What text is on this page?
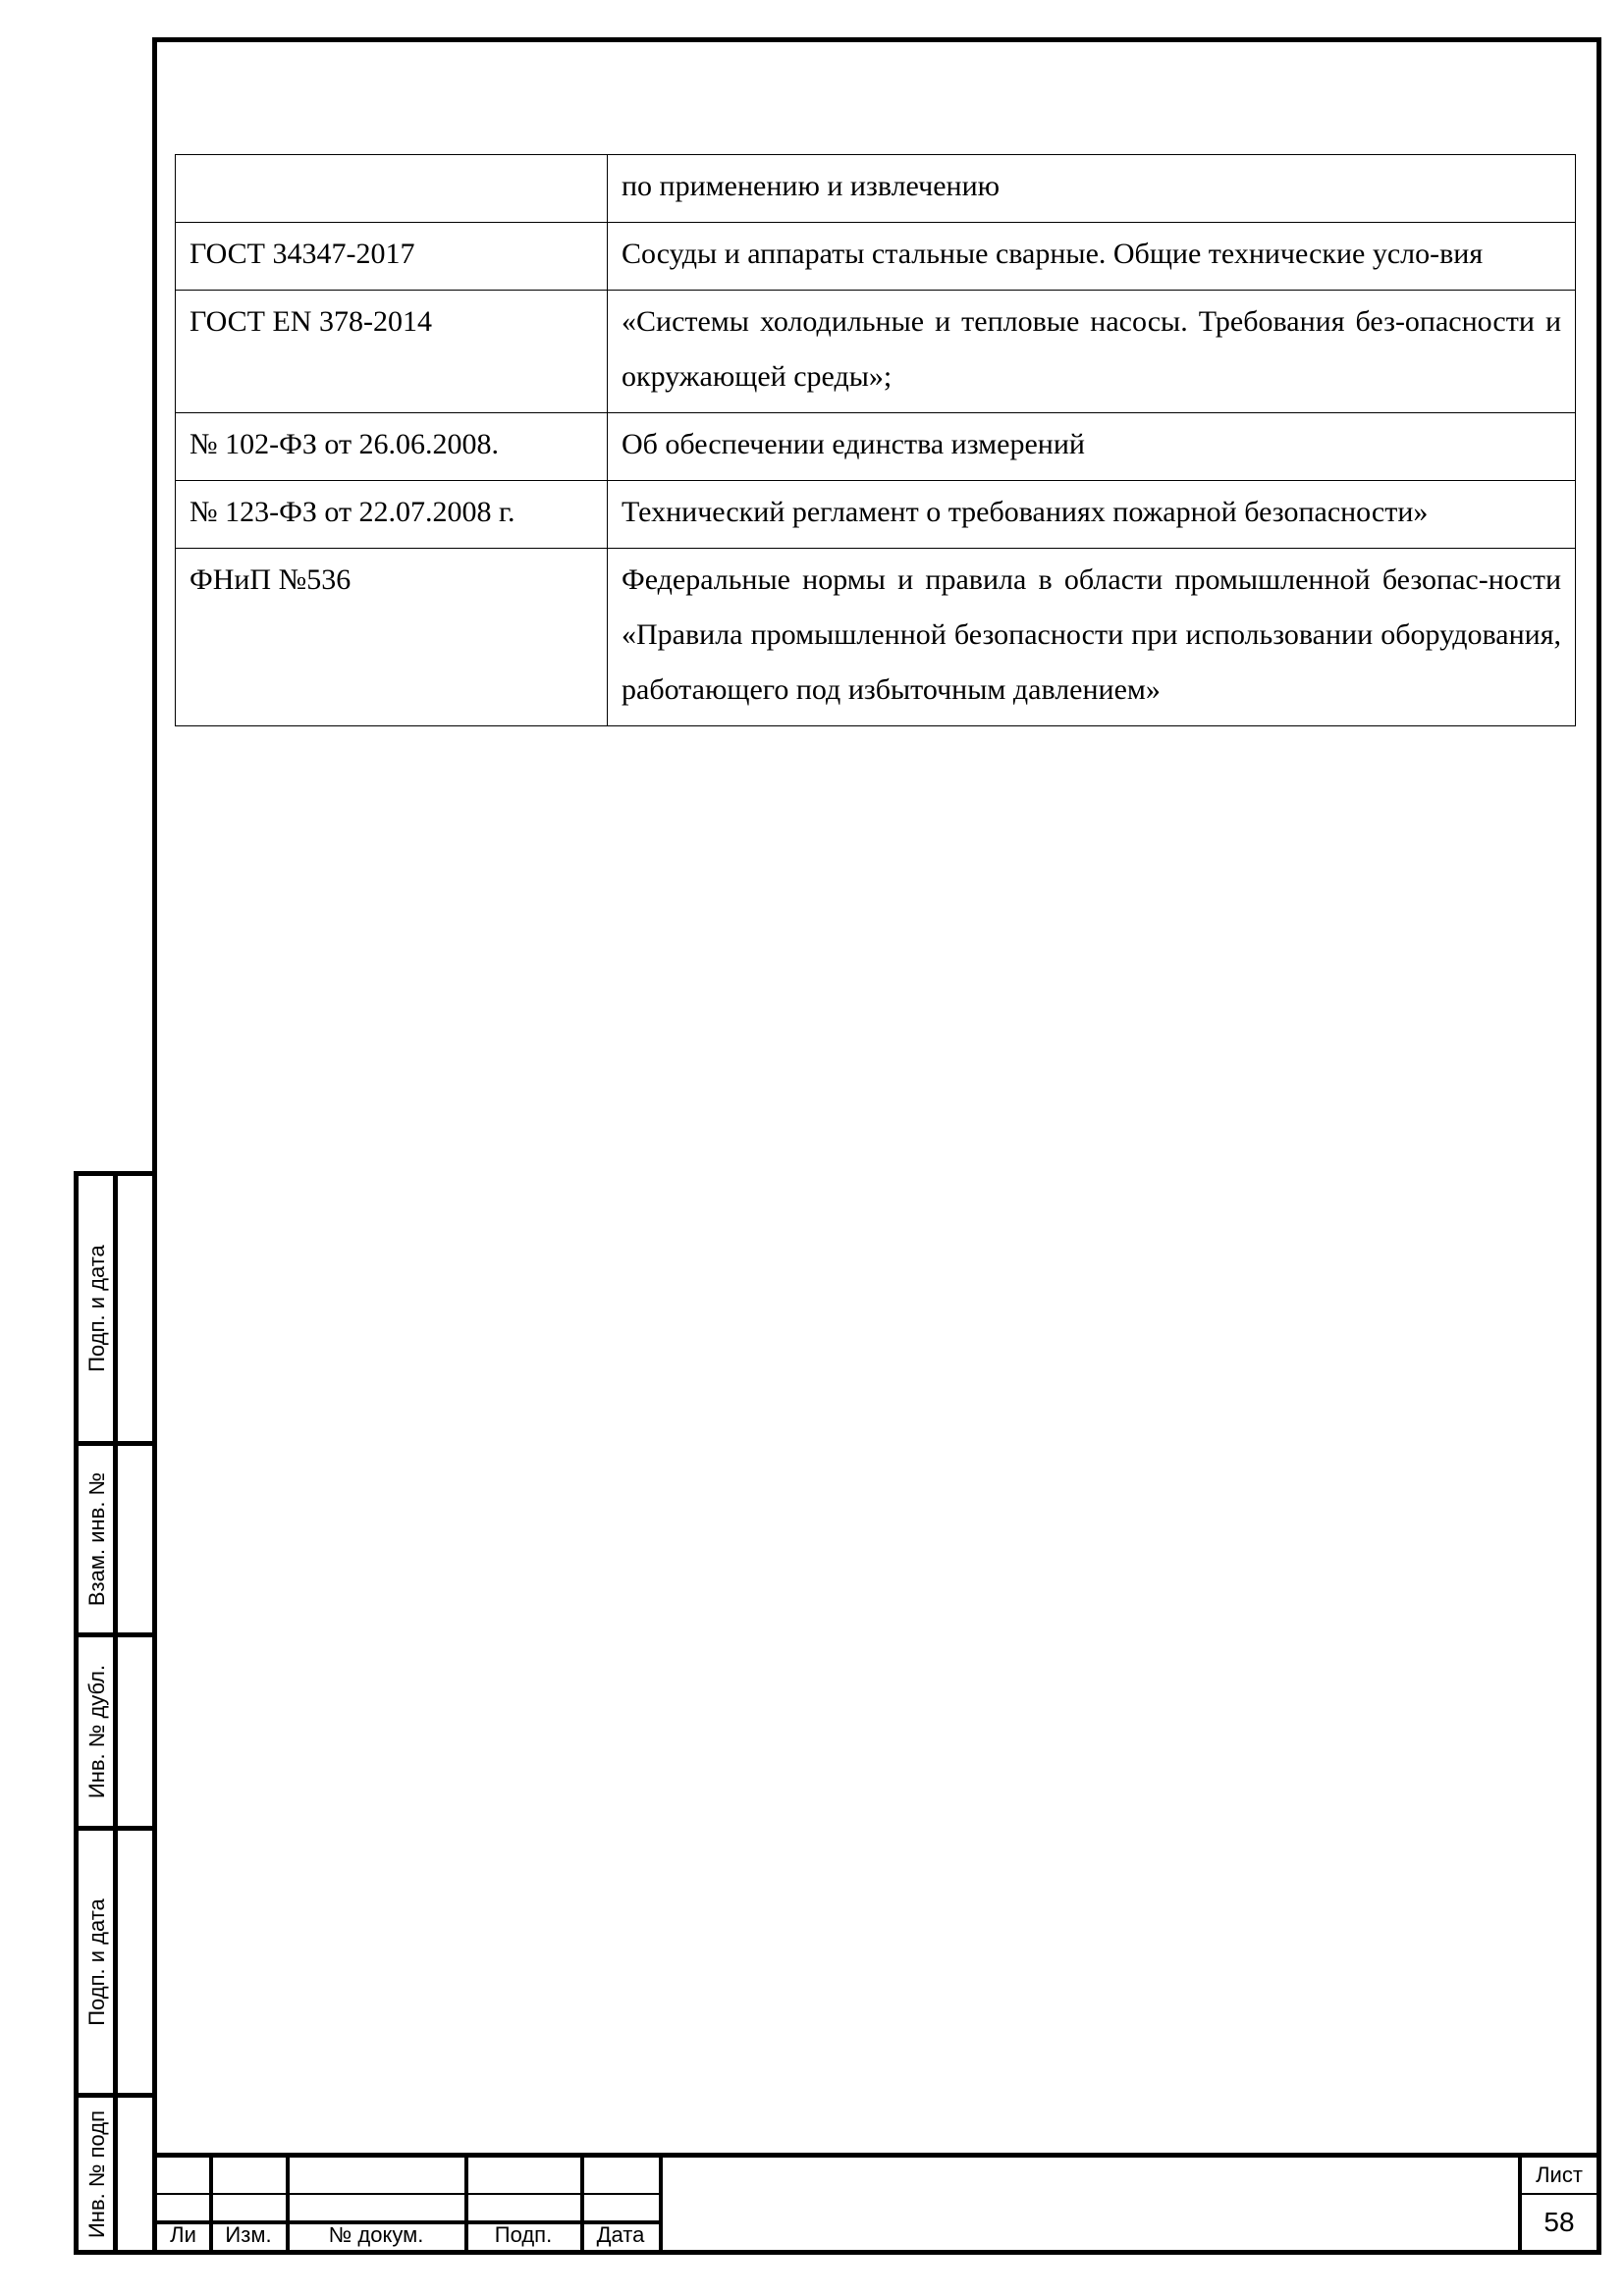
	по применению и извлечению
ГОСТ 34347-2017	Сосуды и аппараты стальные сварные. Общие технические усло-вия
ГОСТ EN 378-2014	«Системы холодильные и тепловые насосы. Требования без-опасности и окружающей среды»;
№ 102-ФЗ от 26.06.2008.	Об обеспечении единства измерений
№ 123-ФЗ от 22.07.2008 г.	Технический регламент о требованиях пожарной безопасности»
ФНиП №536	Федеральные нормы и правила в области промышленной безопас-ности «Правила промышленной безопасности при использовании оборудования, работающего под избыточным давлением»
Подп. и дата
Взам. инв. №
Инв. № дубл.
Подп. и дата
Инв. № подп	Ли	Изм.	№ докум.	Подп.	Дата
Лист
58
